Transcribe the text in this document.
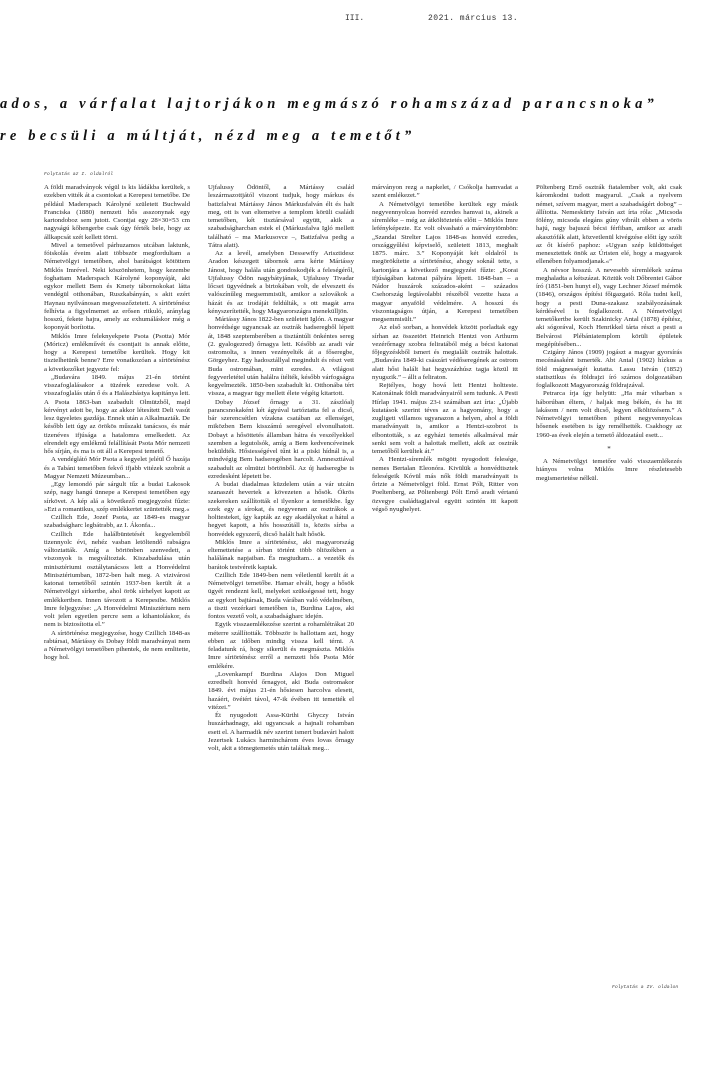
III.	2021. március 13.
ados, a várfalat lajtorjákon megmászó rohamszázad parancsnoka”
re becsüli a múltját, nézd meg a temetőt”
Folytatás az I. oldalról

A földi maradványok végül is kis ládákba kerültek, s ezekben vitték át a csontokat a Kerepesi temetőbe. De például Maderspach Károlyné született Buchwald Franciska (1880) nemzeti hős asszonynak egy kartondoboz sem jutott. Csontjai egy 28×30×53 cm nagyságú kőhengerbe csak úgy férték bele, hogy az állkapcsát szét kellett törni.

Mivel a temetővel párhuzamos utcában laktunk, fóiskolás éveim alatt többször megfordultam a Németvölgyi temetőben, ahol barátságot kötöttem Miklós Imrével. Neki köszönhetem, hogy kezembe foghattam Maderspach Károlyné koponyáját, aki egykor mellett Bem és Kmety tábornokokat látta vendégül otthonában, Ruszkabányán, s akit ezért Haynau nyilvánosan megvesszőztetett. A sírtörténész felhívta a figyelmemet az erősen ritkuló, aránylag hosszú, fekete hajra, amely az exhumáláskor még a koponyát borította.

Miklós Imre feleknyekpete Psota (Psotta) Mór (Móricz) emlékművét és csontjait is annak előtte, hogy a Kerepesi temetőbe kerültek. Hogy kit tisztelhetünk benne? Erre vonatkozóan a sírtörténész a következőket jegyezte fel:

„Budavára 1849. május 21-én történt visszafoglalásakor a tüzérek ezredese volt. A visszafoglalás után ő és a Halászbástya kapitánya lett. A Psota 1863-ban szabadult Olmützből, majd kérvényt adott be, hogy az akkor létesített Deli vasút lesz ügyeletes gazdája. Ennek után a Alkalmazták. De később lett úgy az örökös műszaki tanácsos, és már tizenéves ifjúsága a hatalomra emelkedett. Az elrendelt egy emlékmű felállítását Psota Mór nemzeti hős sírján, és ma is ott áll a Kerepesi temető.

A vendéglátó Mór Psota a kegyelet jeléül Ő hazája és a Tabáni temetőben fekvő ifjabb vitézek szobrát a Magyar Nemzeti Múzeumban...

„Egy lemondó pár sárgult tűz a budai Lakosok szép, nagy hangú ünnepe a Kerepesi temetőben egy sírkövet. A kép alá a következő megjegyzést fűzte: »Ezt a romantikus, szép emlékkertet szüntették meg.«

Czillich Ede, Jozef Psota, az 1849-es magyar szabadságharc legbátrabb, az I. Ákonfa...

Czillich Ede halálbüntetését kegyelemből tizennyolc évi, nehéz vasban letöltendő rabságra változtatták. Amíg a börtönben szenvedett, a viszonyok is megváltoztak. Kiszabadulása után minisztériumi osztálytanácsos lett a Honvédelmi Minisztériumban, 1872-ben halt meg. A vizivárosi katonai temetőből szintén 1937-ben került át a Németvölgyi sírkertbe, ahol örök sírhelyet kapott az emlékkertben. Innen távozott a Kerepesibe. Miklós Imre feljegyzése: „A Honvédelmi Minisztérium nem volt jelen egyetlen percre sem a kihantoláskor, és nem is biztosította el.”

A sírtörténész megjegyzése, hogy Czillich 1848-as rabtársai, Máriássy és Dobay földi maradványai nem a Németvölgyi temetőben pihentek, de nem emlitette, hogy hol.

Ujfalussy Ödöntől, a Máriássy család leszármazottjától viszont tudjuk, hogy márkus és batizfalvai Máriássy János Márkusfalván élt és halt meg, ott is van eltemetve a templom körüli családi temetőben, két tisztársával együtt, akik a szabadságharcban estek el (Márkusfalva Igló mellett található – ma Markusovce –, Batizfalva pedig a Tátra alatt).

Az a levél, amelyben Dessewffy Arisztidesz Aradon készegett tábornok arra kérte Máriássy Jánost, hogy halála után gondoskodjék a feleségéről, Ujfalussy Ödön nagybátyjának, Ujfalussy Tivadar lőcsei ügyvédnek a birtokában volt, de elveszett és valószínűleg megsemmisült, amikor a szlovákok a házát és az irodáját feldúlták, s ott magát arra kényszerítették, hogy Magyarországra menekülljön.

Máriássy János 1822-ben született Iglón. A magyar honvédsége ugyancsak az osztrák hadseregből lépett át, 1848 szeptemberében a tisztántúli önkéntes sereg (2. gyalogezred) őrnagya lett. Később az aradi vár ostromolta, s innen vezényelték át a főseregbe, Görgeyhez. Egy hadosztállyal megindult és részt vett Buda ostromában, mint ezredes. A világosi fegyverletétel után halálra ítélték, később várfogságra kegyelmezték. 1850-ben szabadult ki. Otthonába tért vissza, a magyar ügy mellett élete végéig kitartott.

Dobay József őrnagy a 31. zászlóalj parancsnokaként két ágyúval tartóztatta fel a dicső, bár szerencsétlen vízakna csatában az ellenséget, miközben Bem kisszámú seregével elvonulhatott. Dobayt a hősöttetés államban hátra és veszélyekkel szemben a legutolsók, amíg a Bem kedvencéveinek beküldték. Hősiességével tűnt ki a piski hídnál is, a mindvégig Bem hadseregében harcolt. Amnesztiával szabadult az olmützi börtönből. Az új hadseregbe is ezredesként lépetett be.

A budai diadalmas küzdelem után a vár utcáin szanaszét hevertek a kövezeten a hősök. Ókrös szekereken szállították el ilyenkor a temetőkbe. Így ezek egy a sírokat, és negyvenen az osztrákok a holttesteket, így kapták az egy akadályokat a hátul a hegyet kapott, a hős hosszútáll is, közös sírba a honvédek egyszerű, dicső halált halt hősök.

Miklós Imre a sírtörténész, aki magyarország eltemettetése a sírban történt több öltözékben a halálának napjaiban. És megtudtam... a vezetők és barátok testvéreik kaptak.

Czillich Ede 1849-ben nem véletlenül került át a Németvölgyi temetőbe. Hamar elvált, hogy a hősök ügyét rendezni kell, melyeket szükségessé tett, hogy az egykori bajtársak, Buda várában való védelmében, a tiszti vezérkari temetőben is, Burdina Lajos, aki fontos vezető volt, a szabadságharc idején.

Egyik visszaemlékezése szerint a rohamlétrákat 20 méterre szállították. Többször is hallottam azt, hogy ebben az időben mindig vissza kell térni. A feladatunk rá, hogy sikerült és megmászta. Miklós Imre sírtörténész erről a nemzeti hős Psota Mór emlékére.

„Lovenkampf Burdina Alajos Don Miguel ezredbeli honvéd őrnagyot, aki Buda ostromakor 1849. évi május 21-én hősiesen harcolva elesett, hazáért, övéiért távol, 47-ik évében itt temették el vitézei.”

Ét nyugodott Assa-Kürthi Ghyczy István huszárhadnagy, aki ugyancsak a hajnali rohamban esett el. A harmadik név szerint ismert budavári halott Jezertsek Lukács harminchárom éves lovas őrnagy volt, akit a tömegtemetés után találtak meg...

márványon rezg a napkelet, / Csókolja hamvadat a szent emlékezet.”

A Németvölgyi temetőbe kerültek egy másik negyvennyolcas honvéd ezredes hamvai is, akinek a síremléke – még az átköltöztetés előtt – Miklós Imre lefényképezte. Ez volt olvasható a márványtömbön: „Szandai Strelter Lajos 1848-as honvéd ezredes, országgyűlési képviselő, született 1813, meghalt 1875. márc. 3.” Koponyáját két oldalról is megörökítette a sírtörténész, ahogy soknál tette, s kartonjára a következő megjegyzést fűzte: „Korai ifjúságában katonai pályára lépett. 1848-ban – a Nádor huszárok százados-aként – százados Csehország legtávolabbi részéből vezette haza a magyar anyaföld védelmére. A hosszú és viszontagságos útján, a Kerepesi temetőben megsemmisült.”

Az első sorban, a honvédek között porladtak egy sírhan az összetört Heinrich Hentzi von Arthurm vezérőrnagy szobra feliratából még a bécsi katonai főjegyzéskből ismert és megtalált osztrák halottak. „Budavára 1849-ki császári védőseregének az ostrom alatt hősi halált hat hegyszázhúsz tagja közül itt nyugszik.” – állt a feliraton.

Rejtélyes, hogy hová lett Hentzi holtteste. Katonáinak földi maradványairól sem tudunk. A Pesti Hírlap 1941. május 23-i számában azt írta: „Újabb kutatások szerint téves az a hagyomány, hogy a zugligeti villamos ugyanazon a helyen, ahol a földi maradványait is, amikor a Hentzi-szobrot is elbontották, s az egyházi temetés alkalmával már senki sem volt a halottak mellett, akik az osztrák temetőből kerültek át.”

A Hentzi-síremlék mögött nyugodott felesége, nemes Bertalan Eleonóra. Kivülük a honvédtisztek feleségeik Kóvül más nők földi maradványait is őrizte a Németvölgyi föld. Ernst Pólt, Ritter von Poeltenberg, az Pöltenbergi Pólt Ernő aradi vértanú özvegye családtagjaival együtt szintén itt kapott végső nyughelyet.

Pöltenberg Ernő osztrák fiatalember volt, aki csak káromkodni tudott magyarul. „Csak a nyelvem német, szívem magyar, mert a szabadságért dobog” – állította. Nemeskürty István azt írta róla: „Micsoda fölény, micsoda elegáns gúny vibrált ebben a vörös hajú, nagy bajuszú bécsi férfiban, amikor az aradi akasztófák alatt, közvetlenül kivégzése előtt így szólt az őt kísérő paphoz: »Ugyan szép küldöttséget menesztettek önök az Úristen elé, hogy a magyarok ellenében folyamodjanak.«”

A névsor hosszú. A nevesebb síremlékek száma meghaladta a kétszázat. Köztük volt Dőbrentei Gábor író (1851-ben hunyt el), vagy Lechner József mérnök (1846), országos építési főigazgató. Róla tudni kell, hogy a pesti Duna-szakasz szabályozásának kérdésével is foglalkozott. A Németvölgyi temetőkertbe került Szakinicky Antal (1878) építész, aki sógorával, Koch Henrikkel tárta részt a pesti a Belvárosi Plébániatemplom körüli épületek megépítésében...

Czigány János (1909) jogászt a magyar gyorsírás mecénásaként ismerték. Abt Antal (1902) hízkus a föld mágnességét kutatta. Lassu István (1852) statisztikus és földrajzi író számos dolgozatában foglalkozott Magyarország földrajzával.

Petrarca írja így helyütt: „Ha már viharban s háborúban éltem, / haljak meg békén, és ha itt lakásom / nem volt dicső, legyen elköltözésem.” A Németvölgyi temetőben pihent negyvennyolcas hősenek esetében is így remélhették. Csakhogy az 1960-as évek elején a temető áldozatául esett...

*

A Németvölgyi temetőre való visszaemlékezés hiányos volna Miklós Imre részletesebb megismertetése nélkül.

Folytatás a IV. oldalon
